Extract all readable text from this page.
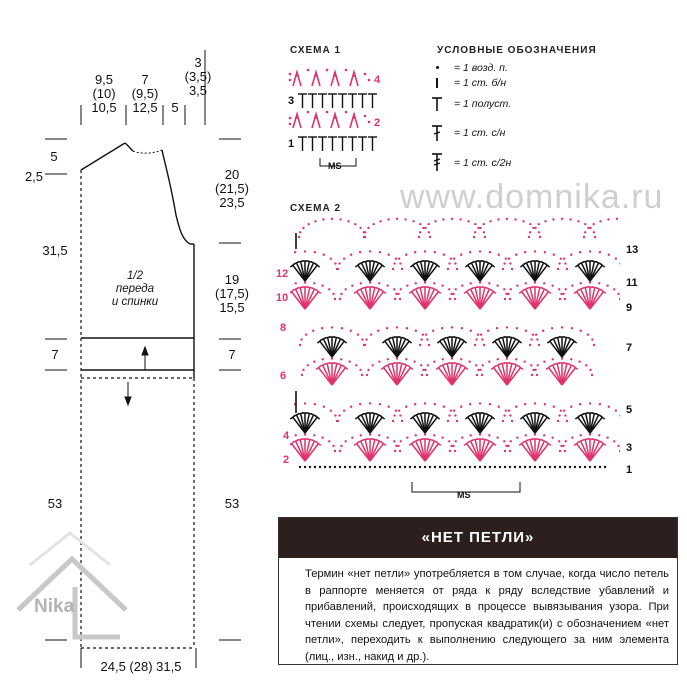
9,5
(10)
10,5
7
(9,5)
12,5	5
3
(3,5)
3,5
5
2,5
31,5
7
53
20
(21,5)
23,5
19
(17,5)
15,5
7
53
1/2
переда
и спинки
24,5 (28) 31,5
Nika
СХЕМА 1
4
3
2
1
MS
УСЛОВНЫЕ ОБОЗНАЧЕНИЯ
= 1 возд. п.
= 1 ст. б/н
= 1 полуст.
= 1 ст. с/н
= 1 ст. с/2н
www.domnika.ru
СХЕМА 2
13
11
9
7
5
3
1
12
10
8
6
4
2
MS
«НЕТ ПЕТЛИ»
Термин «нет петли» употребляется в том случае, когда число петель в раппорте меняется от ряда к ряду вследствие убавлений и прибавлений, происходящих в процессе вывязывания узора. При чтении схемы следует, пропуская квадратик(и) с обозначением «нет петли», переходить к выполнению следующего за ним элемента (лиц., изн., накид и др.).
